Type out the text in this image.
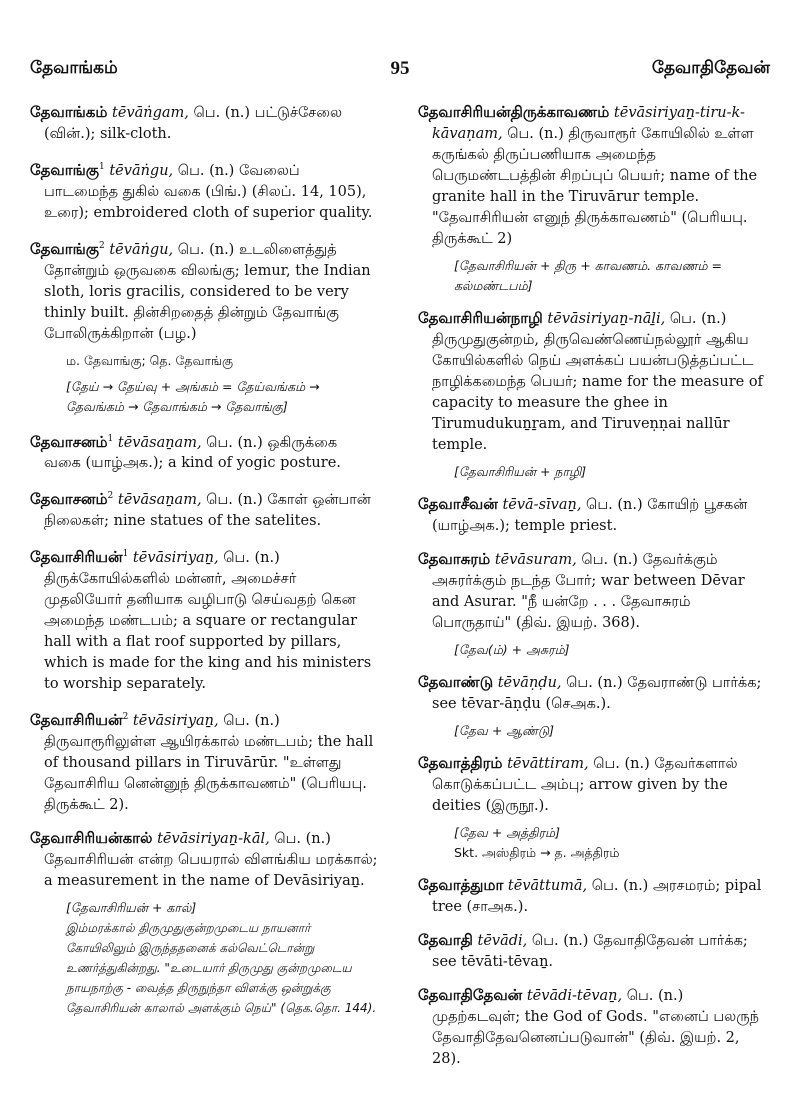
தேவாங்கம்	95	தேவாதிதேவன்
தேவாங்கம் tēvāṅgam, பெ. (n.) பட்டுச்சேலை (வின்.); silk-cloth.
தேவாங்கு$^1$ tēvāṅgu, பெ. (n.) வேலைப் பாடமைந்த துகில் வகை (பிங்.) (சிலப். 14, 105), உரை); embroidered cloth of superior quality.
தேவாங்கு$^2$ tēvāṅgu, பெ. (n.) உடலிளைத்துத் தோன்றும் ஒருவகை விலங்கு; lemur, the Indian sloth, loris gracilis, considered to be very thinly built. தின்சிறதைத் தின்றும் தேவாங்கு போலிருக்கிறான் (பழ.)
ம. தேவாங்கு; தெ. தேவாங்கு
[தேய் → தேய்வு + அங்கம் = தேய்வங்கம் → தேவங்கம் → தேவாங்கம் → தேவாங்கு]
தேவாசனம்$^1$ tēvāsaṉam, பெ. (n.) ஒகிருக்கை வகை (யாழ்அக.); a kind of yogic posture.
தேவாசனம்$^2$ tēvāsaṉam, பெ. (n.) கோள் ஒன்பான் நிலைகள்; nine statues of the satelites.
தேவாசிரியன்$^1$ tēvāsiriyaṉ, பெ. (n.) திருக்கோயில்களில் மன்னர், அமைச்சர் முதலியோர் தனியாக வழிபாடு செய்வதற் கென அமைந்த மண்டபம்; a square or rectangular hall with a flat roof supported by pillars, which is made for the king and his ministers to worship separately.
தேவாசிரியன்$^2$ tēvāsiriyaṉ, பெ. (n.) திருவாரூரிலுள்ள ஆயிரக்கால் மண்டபம்; the hall of thousand pillars in Tiruvārūr. "உள்ளது தேவாசிரிய னென்னுந் திருக்காவணம்" (பெரியபு. திருக்கூட் 2).
தேவாசிரியன்கால் tēvāsiriyaṉ-kāl, பெ. (n.) தேவாசிரியன் என்ற பெயரால் விளங்கிய மரக்கால்; a measurement in the name of Devāsiriyaṉ.
[தேவாசிரியன் + கால்]
இம்மரக்கால் திருமுதுகுன்றமுடைய நாயனார் கோயிலிலும் இருந்ததனைக் கல்வெட்டொன்று உணர்த்துகின்றது. "உடையார் திருமுது குன்றமுடைய நாயநாற்கு - வைத்த திருநுந்தா விளக்கு ஒன்றுக்கு தேவாசிரியன் காலால் அளக்கும் நெய்" (தெக.தொ. 144).
தேவாசிரியன்திருக்காவணம் tēvāsiriyaṉ-tiru-k-kāvaṇam, பெ. (n.) திருவாரூர் கோயிலில் உள்ள கருங்கல் திருப்பணியாக அமைந்த பெருமண்டபத்தின் சிறப்புப் பெயர்; name of the granite hall in the Tiruvārur temple. "தேவாசிரியன் எனுந் திருக்காவணம்" (பெரியபு. திருக்கூட் 2)
[தேவாசிரியன் + திரு + காவணம். காவணம் = கல்மண்டபம்]
தேவாசிரியன்நாழி tēvāsiriyaṉ-nāḻi, பெ. (n.) திருமுதுகுன்றம், திருவெண்ணெய்நல்லூர் ஆகிய கோயில்களில் நெய் அளக்கப் பயன்படுத்தப்பட்ட நாழிக்கமைந்த பெயர்; name for the measure of capacity to measure the ghee in Tirumudukuṉṟam, and Tiruveṇṇai nallūr temple.
[தேவாசிரியன் + நாழி]
தேவாசீவன் tēvā-sīvaṉ, பெ. (n.) கோயிற் பூசகன் (யாழ்அக.); temple priest.
தேவாசுரம் tēvāsuram, பெ. (n.) தேவர்க்கும் அசுரர்க்கும் நடந்த போர்; war between Dēvar and Asurar. "நீ யன்றே . . . தேவாசுரம் பொருதாய்" (திவ். இயற். 368).
[தேவ(ம்) + அசுரம்]
தேவாண்டு tēvāṇḍu, பெ. (n.) தேவராண்டு பார்க்க; see tēvar-āṇḍu (செஅக.).
[தேவ + ஆண்டு]
தேவாத்திரம் tēvāttiram, பெ. (n.) தேவர்களால் கொடுக்கப்பட்ட அம்பு; arrow given by the deities (இருநூ.).
[தேவ + அத்திரம்]
Skt. அஸ்திரம் → த. அத்திரம்
தேவாத்துமா tēvāttumā, பெ. (n.) அரசமரம்; pipal tree (சாஅக.).
தேவாதி tēvādi, பெ. (n.) தேவாதிதேவன் பார்க்க; see tēvāti-tēvaṉ.
தேவாதிதேவன் tēvādi-tēvaṉ, பெ. (n.) முதற்கடவுள்; the God of Gods. "எனைப் பலருந் தேவாதிதேவனெனப்படுவான்" (திவ். இயற். 2, 28).
